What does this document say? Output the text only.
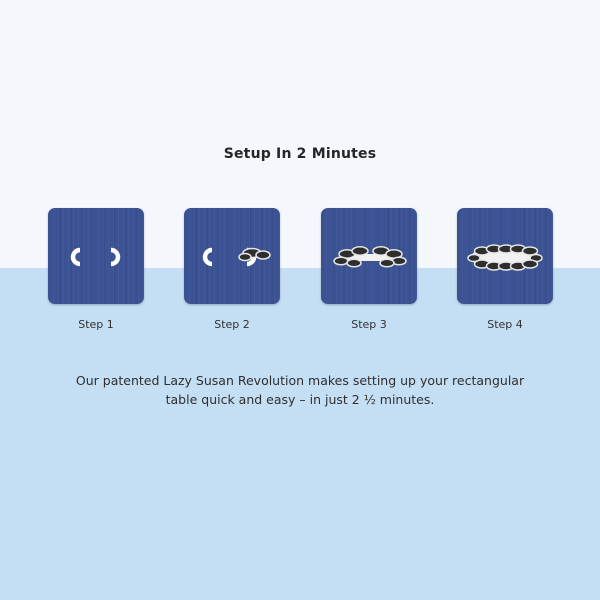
Setup In 2 Minutes
Step 1	Step 2	Step 3	Step 4
Our patented Lazy Susan Revolution makes setting up your rectangular
table quick and easy – in just 2 ½ minutes.
